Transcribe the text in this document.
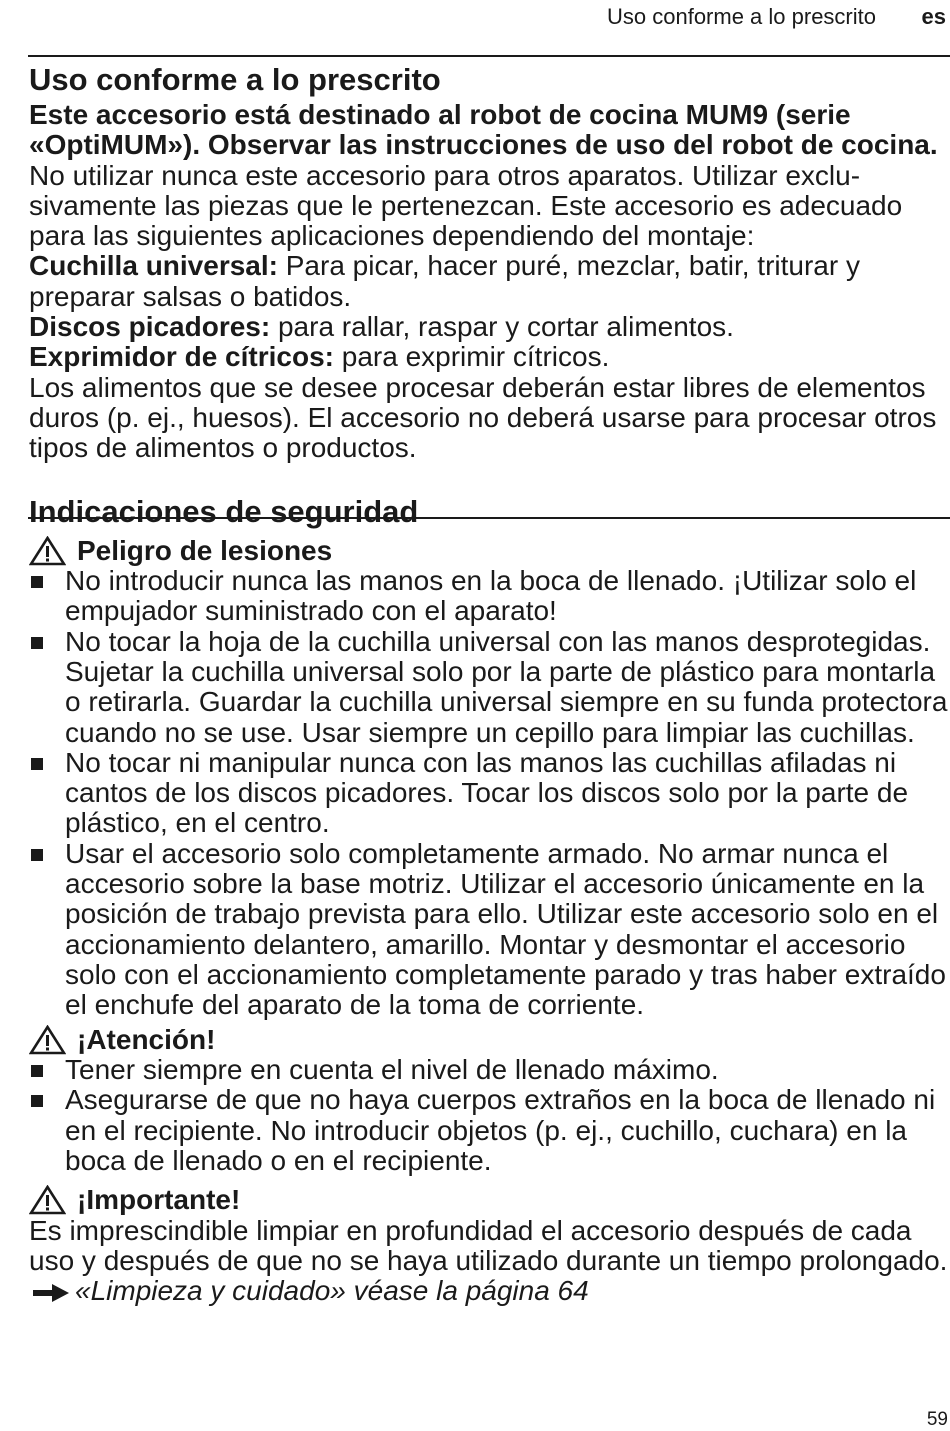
Uso conforme a lo prescrito es
Uso conforme a lo prescrito

Este accesorio está destinado al robot de cocina MUM9 (serie «OptiMUM»). Observar las instrucciones de uso del robot de cocina.

No utilizar nunca este accesorio para otros aparatos. Utilizar exclusivamente las piezas que le pertenezcan. Este accesorio es adecuado para las siguientes aplicaciones dependiendo del montaje:

Cuchilla universal: Para picar, hacer puré, mezclar, batir, triturar y preparar salsas o batidos.

Discos picadores: para rallar, raspar y cortar alimentos.

Exprimidor de cítricos: para exprimir cítricos.

Los alimentos que se desee procesar deberán estar libres de elementos duros (p. ej., huesos). El accesorio no deberá usarse para procesar otros tipos de alimentos o productos.

Indicaciones de seguridad
Peligro de lesiones
No introducir nunca las manos en la boca de llenado. ¡Utilizar solo el empujador suministrado con el aparato!
No tocar la hoja de la cuchilla universal con las manos desprotegidas. Sujetar la cuchilla universal solo por la parte de plástico para montarla o retirarla. Guardar la cuchilla universal siempre en su funda protectora cuando no se use. Usar siempre un cepillo para limpiar las cuchillas.
No tocar ni manipular nunca con las manos las cuchillas afiladas ni cantos de los discos picadores. Tocar los discos solo por la parte de plástico, en el centro.
Usar el accesorio solo completamente armado. No armar nunca el accesorio sobre la base motriz. Utilizar el accesorio únicamente en la posición de trabajo prevista para ello. Utilizar este accesorio solo en el accionamiento delantero, amarillo. Montar y desmontar el accesorio solo con el accionamiento completamente parado y tras haber extraído el enchufe del aparato de la toma de corriente.
¡Atención!
Tener siempre en cuenta el nivel de llenado máximo.
Asegurarse de que no haya cuerpos extraños en la boca de llenado ni en el recipiente. No introducir objetos (p. ej., cuchillo, cuchara) en la boca de llenado o en el recipiente.
¡Importante!

Es imprescindible limpiar en profundidad el accesorio después de cada uso y después de que no se haya utilizado durante un tiempo prolongado.«Limpieza y cuidado» véase la página 64

59
